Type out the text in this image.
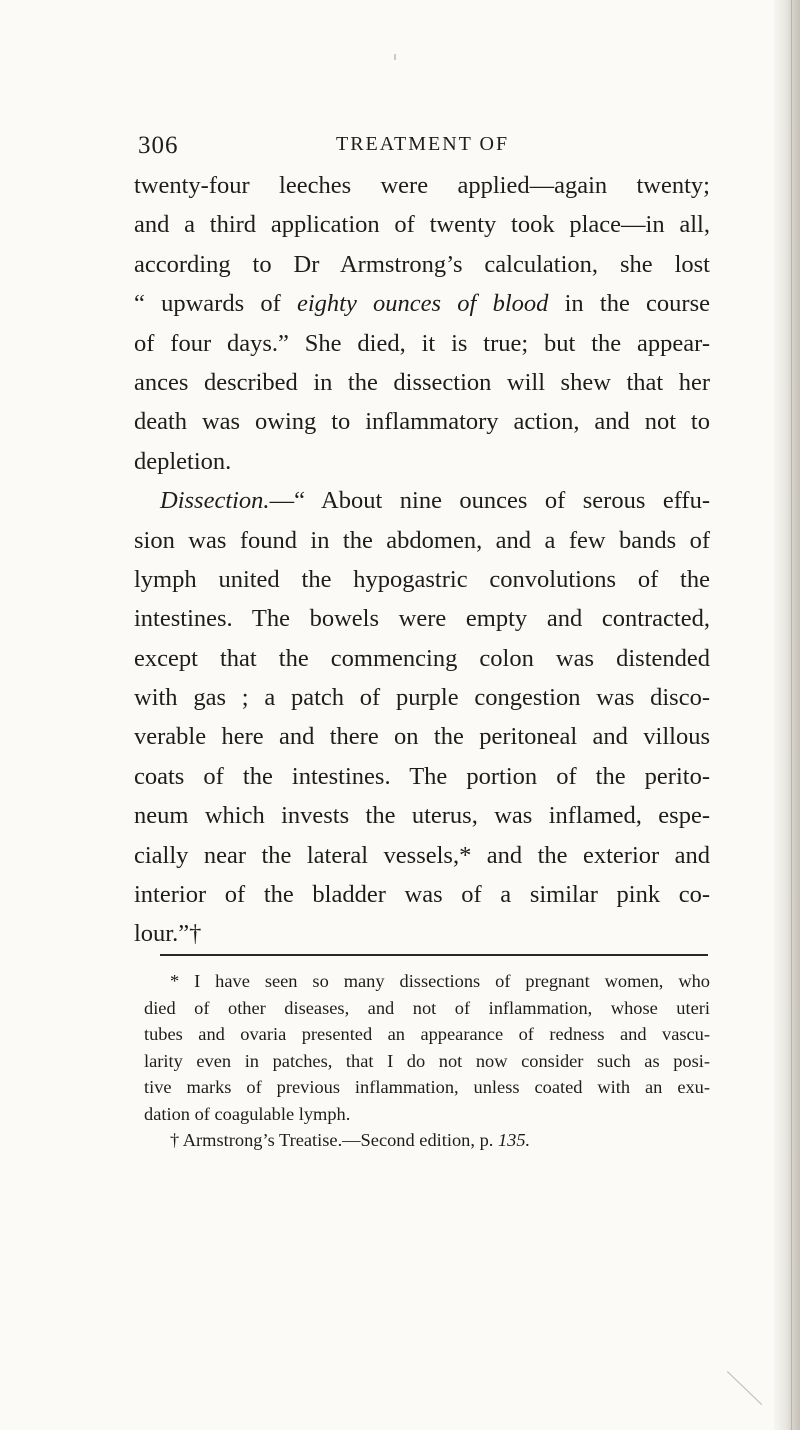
306	TREATMENT OF
twenty-four leeches were applied—again twenty;
and a third application of twenty took place—in all,
according to Dr Armstrong’s calculation, she lost
“ upwards of eighty ounces of blood in the course
of four days.” She died, it is true; but the appear-
ances described in the dissection will shew that her
death was owing to inflammatory action, and not to
depletion.
Dissection.—“ About nine ounces of serous effu-
sion was found in the abdomen, and a few bands of
lymph united the hypogastric convolutions of the
intestines. The bowels were empty and contracted,
except that the commencing colon was distended
with gas ; a patch of purple congestion was disco-
verable here and there on the peritoneal and villous
coats of the intestines. The portion of the perito-
neum which invests the uterus, was inflamed, espe-
cially near the lateral vessels,* and the exterior and
interior of the bladder was of a similar pink co-
lour.”†
* I have seen so many dissections of pregnant women, who
died of other diseases, and not of inflammation, whose uteri
tubes and ovaria presented an appearance of redness and vascu-
larity even in patches, that I do not now consider such as posi-
tive marks of previous inflammation, unless coated with an exu-
dation of coagulable lymph.
† Armstrong’s Treatise.—Second edition, p. 135.
